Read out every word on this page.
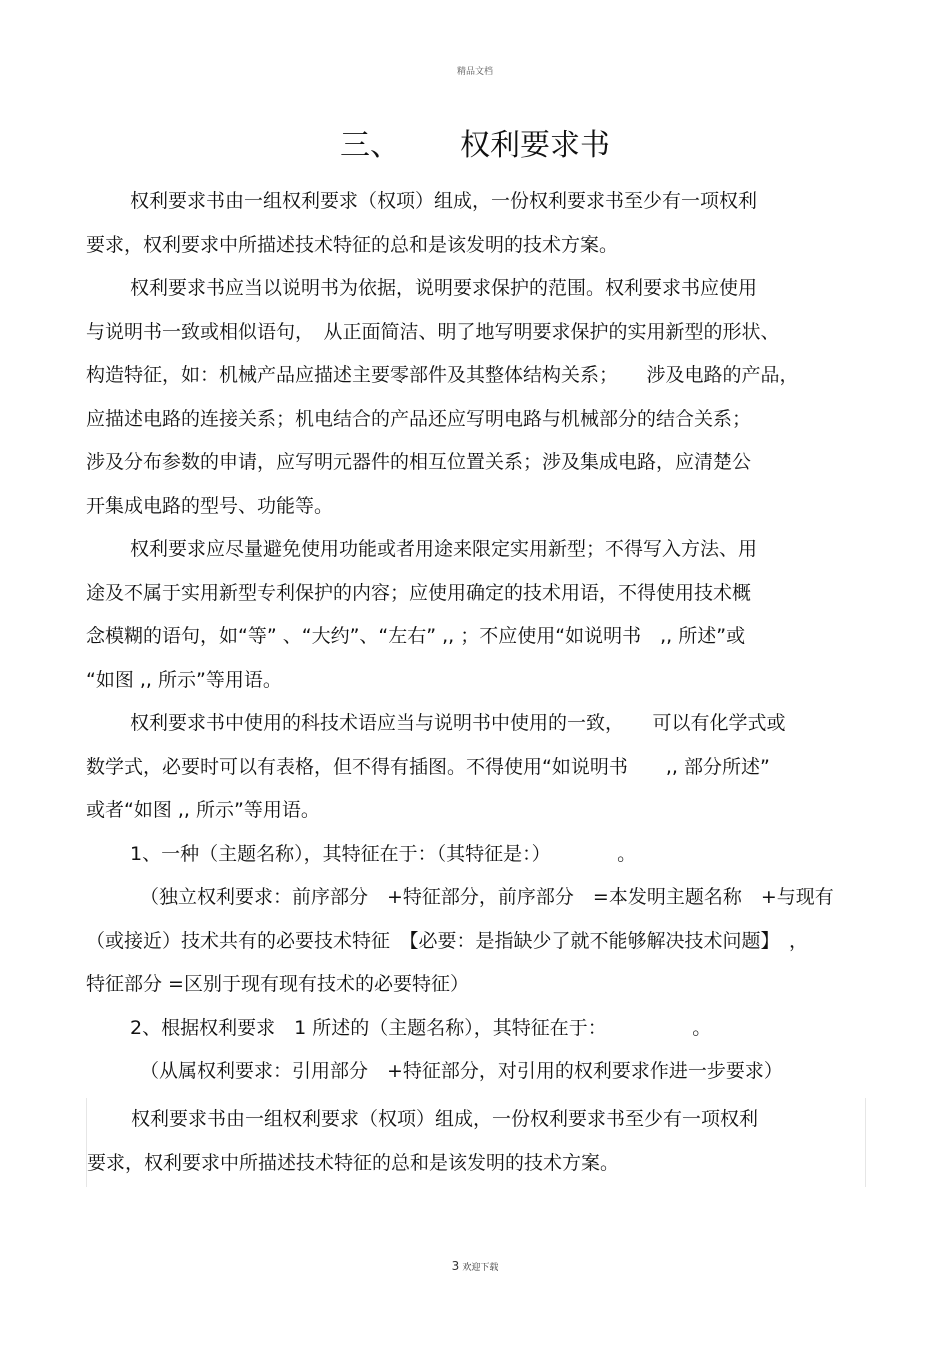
精品文档
三、 权利要求书
权利要求书由一组权利要求（权项）组成，一份权利要求书至少有一项权利
要求，权利要求中所描述技术特征的总和是该发明的技术方案。
权利要求书应当以说明书为依据，说明要求保护的范围。权利要求书应使用
与说明书一致或相似语句，　从正面简洁、明了地写明要求保护的实用新型的形状、
构造特征，如：机械产品应描述主要零部件及其整体结构关系；　　涉及电路的产品，
应描述电路的连接关系；机电结合的产品还应写明电路与机械部分的结合关系；
涉及分布参数的申请，应写明元器件的相互位置关系；涉及集成电路，应清楚公
开集成电路的型号、功能等。
权利要求应尽量避免使用功能或者用途来限定实用新型；不得写入方法、用
途及不属于实用新型专利保护的内容；应使用确定的技术用语，不得使用技术概
念模糊的语句，如“等” 、“大约”、“左右” ,, ；不应使用“如说明书　,, 所述”或
“如图 ,, 所示”等用语。
权利要求书中使用的科技术语应当与说明书中使用的一致，　　可以有化学式或
数学式，必要时可以有表格，但不得有插图。不得使用“如说明书　　,, 部分所述”
或者“如图 ,, 所示”等用语。
1、一种（主题名称），其特征在于：（其特征是：）　　　　。
（独立权利要求：前序部分　+特征部分，前序部分　=本发明主题名称　+与现有
（或接近）技术共有的必要技术特征　【必要：是指缺少了就不能够解决技术问题】　，
特征部分 =区别于现有现有技术的必要特征）
2、根据权利要求　1 所述的（主题名称），其特征在于：　　　　　。
（从属权利要求：引用部分　+特征部分，对引用的权利要求作进一步要求）
权利要求书由一组权利要求（权项）组成，一份权利要求书至少有一项权利
要求，权利要求中所描述技术特征的总和是该发明的技术方案。
3 欢迎下载
